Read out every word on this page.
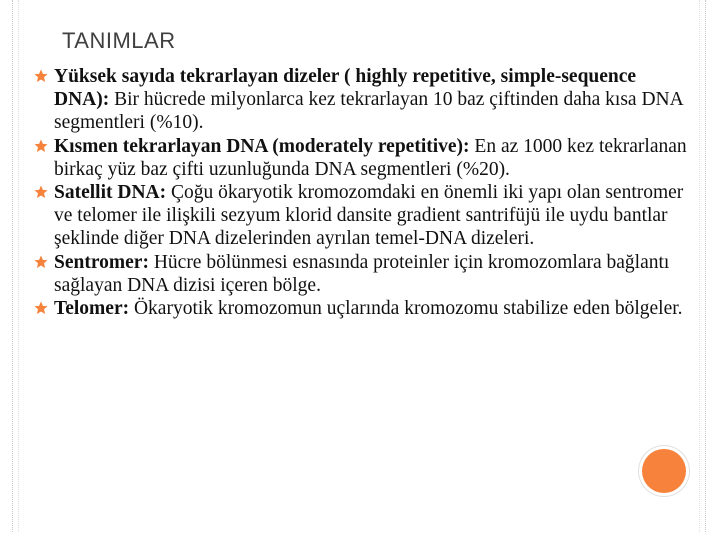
TANIMLAR
Yüksek sayıda tekrarlayan dizeler ( highly repetitive, simple-sequence DNA): Bir hücrede milyonlarca kez tekrarlayan 10 baz çiftinden daha kısa DNA segmentleri (%10).
Kısmen tekrarlayan DNA (moderately repetitive): En az 1000 kez tekrarlanan birkaç yüz baz çifti uzunluğunda DNA segmentleri (%20).
Satellit DNA: Çoğu ökaryotik kromozomdaki en önemli iki yapı olan sentromer ve telomer ile ilişkili sezyum klorid dansite gradient santrifüjü ile uydu bantlar şeklinde diğer DNA dizelerinden ayrılan temel-DNA dizeleri.
Sentromer: Hücre bölünmesi esnasında proteinler için kromozomlara bağlantı sağlayan DNA dizisi içeren bölge.
Telomer: Ökaryotik kromozomun uçlarında kromozomu stabilize eden bölgeler.
